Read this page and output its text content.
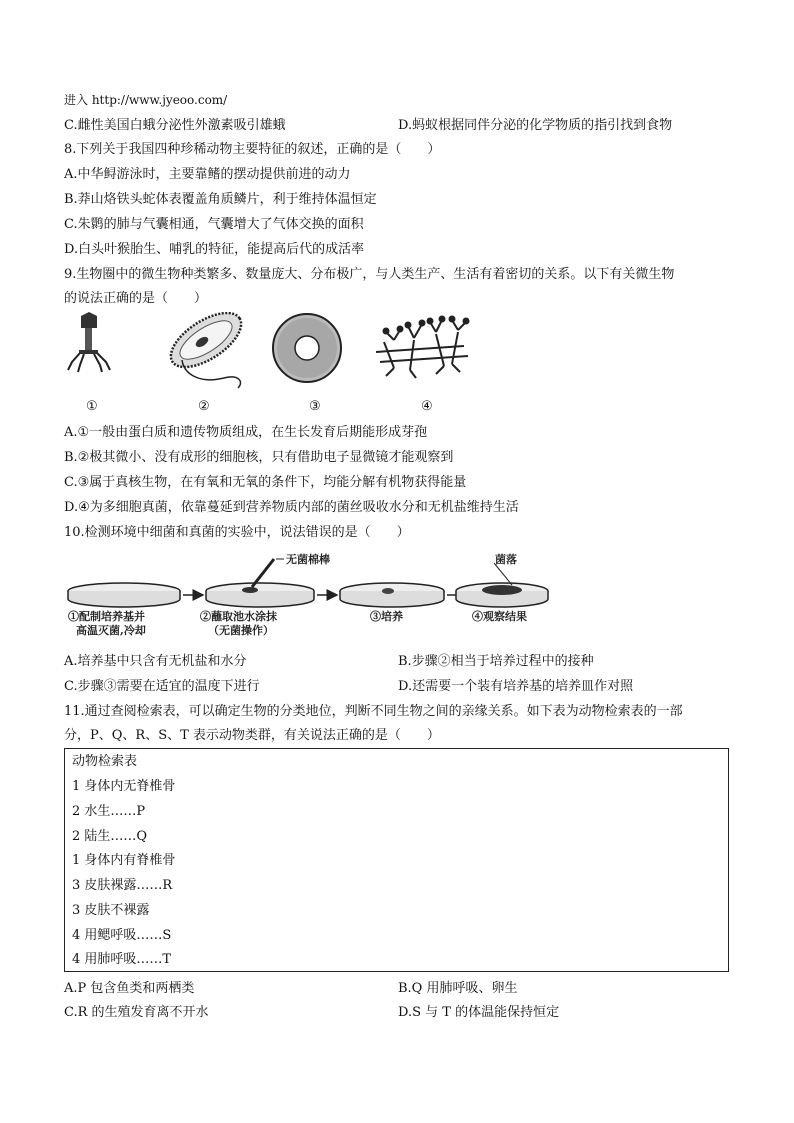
进入 http://www.jyeoo.com/
C.雌性美国白蛾分泌性外激素吸引雄蛾	D.蚂蚁根据同伴分泌的化学物质的指引找到食物
8.下列关于我国四种珍稀动物主要特征的叙述，正确的是（　　）
A.中华鲟游泳时，主要靠鳍的摆动提供前进的动力
B.莽山烙铁头蛇体表覆盖角质鳞片，利于维持体温恒定
C.朱鹮的肺与气囊相通，气囊增大了气体交换的面积
D.白头叶猴胎生、哺乳的特征，能提高后代的成活率
9.生物圈中的微生物种类繁多、数量庞大、分布极广，与人类生产、生活有着密切的关系。以下有关微生物
的说法正确的是（　　）
①	②	③	④
A.①一般由蛋白质和遗传物质组成，在生长发育后期能形成芽孢
B.②极其微小、没有成形的细胞核，只有借助电子显微镜才能观察到
C.③属于真核生物，在有氧和无氧的条件下，均能分解有机物获得能量
D.④为多细胞真菌，依靠蔓延到营养物质内部的菌丝吸收水分和无机盐维持生活
10.检测环境中细菌和真菌的实验中，说法错误的是（　　）
无菌棉棒	菌落
①配制培养基并
高温灭菌,冷却
②蘸取池水涂抹
（无菌操作）
③培养	④观察结果
A.培养基中只含有无机盐和水分	B.步骤②相当于培养过程中的接种
C.步骤③需要在适宜的温度下进行	D.还需要一个装有培养基的培养皿作对照
11.通过查阅检索表，可以确定生物的分类地位，判断不同生物之间的亲缘关系。如下表为动物检索表的一部
分，P、Q、R、S、T 表示动物类群，有关说法正确的是（　　）
动物检索表
1 身体内无脊椎骨
2 水生……P
2 陆生……Q
1 身体内有脊椎骨
3 皮肤裸露……R
3 皮肤不裸露
4 用鳃呼吸……S
4 用肺呼吸……T
A.P 包含鱼类和两栖类	B.Q 用肺呼吸、卵生
C.R 的生殖发育离不开水	D.S 与 T 的体温能保持恒定
